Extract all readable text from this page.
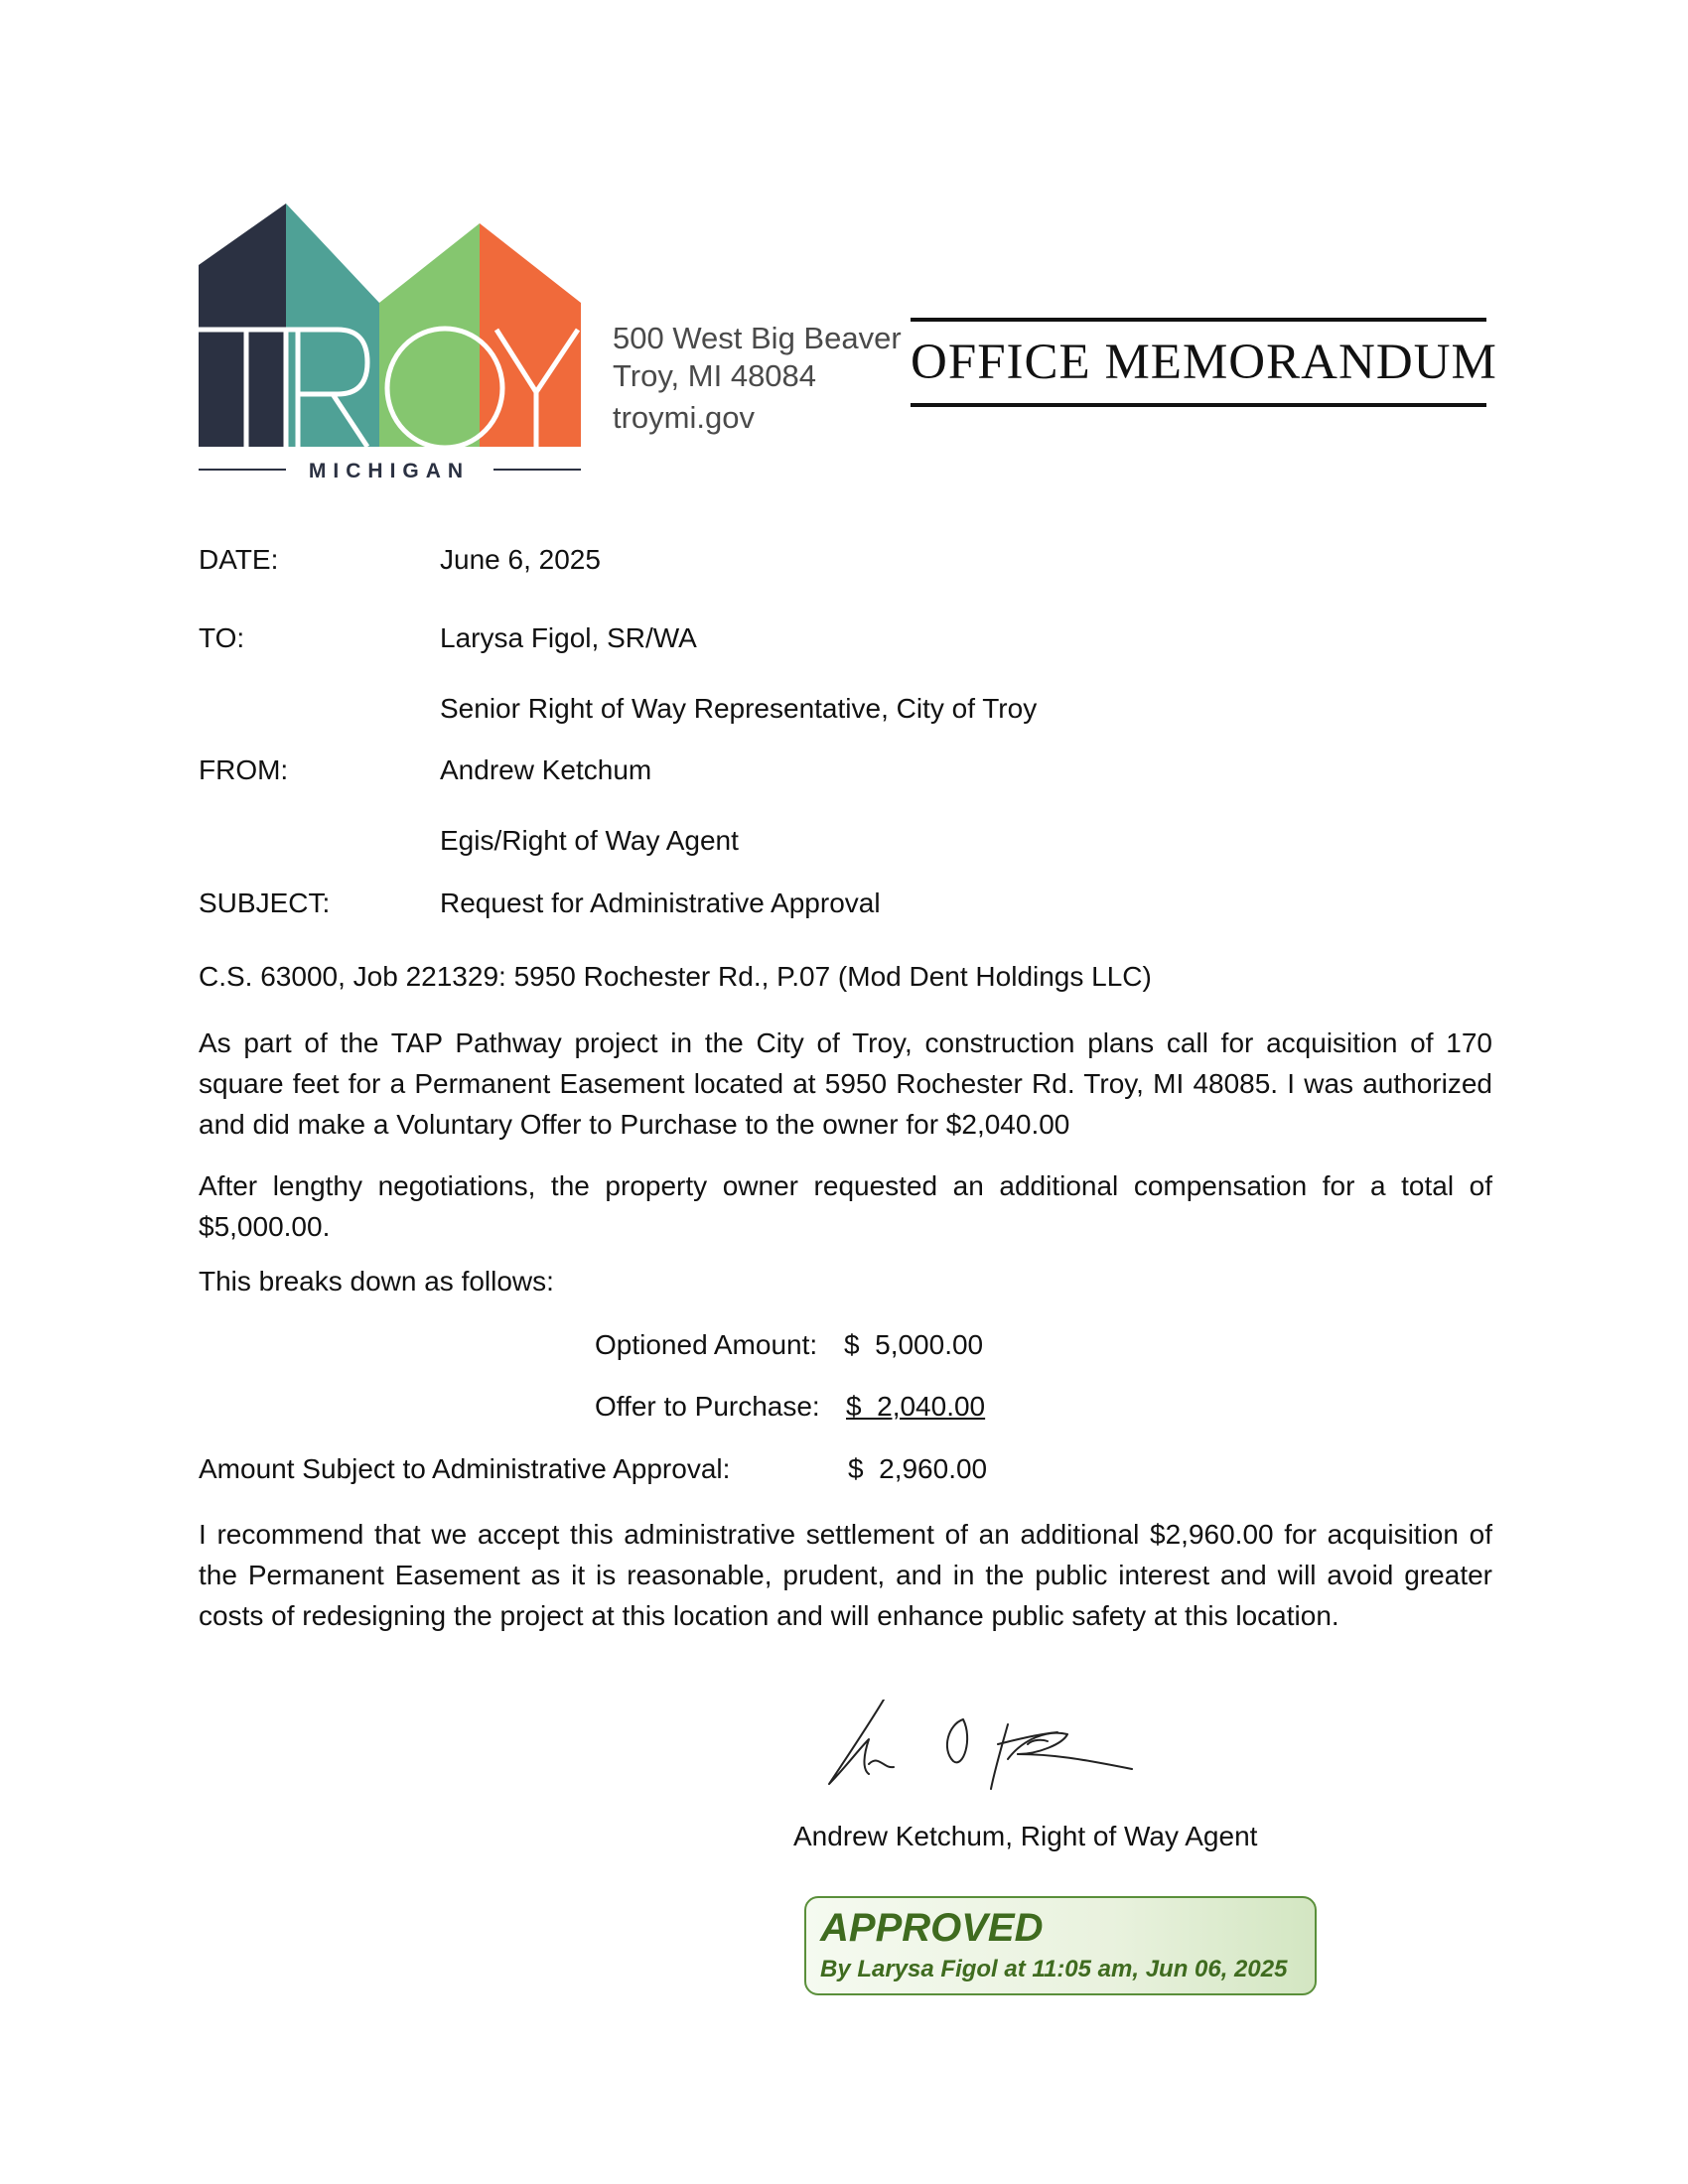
MICHIGAN
500 West Big Beaver
Troy, MI 48084
troymi.gov
OFFICE MEMORANDUM
DATE:	June 6, 2025
TO:	Larysa Figol, SR/WA
Senior Right of Way Representative, City of Troy
FROM:	Andrew Ketchum
Egis/Right of Way Agent
SUBJECT:	Request for Administrative Approval
C.S. 63000, Job 221329: 5950 Rochester Rd., P.07 (Mod Dent Holdings LLC)
As part of the TAP Pathway project in the City of Troy, construction plans call for acquisition of 170 square feet for a Permanent Easement located at 5950 Rochester Rd. Troy, MI 48085. I was authorized and did make a Voluntary Offer to Purchase to the owner for $2,040.00
After lengthy negotiations, the property owner requested an additional compensation for a total of $5,000.00.
This breaks down as follows:
Optioned Amount: $  5,000.00
Offer to Purchase: $  2,040.00
Amount Subject to Administrative Approval:	$  2,960.00
I recommend that we accept this administrative settlement of an additional $2,960.00 for acquisition of the Permanent Easement as it is reasonable, prudent, and in the public interest and will avoid greater costs of redesigning the project at this location and will enhance public safety at this location.
Andrew Ketchum, Right of Way Agent
APPROVED
By Larysa Figol at 11:05 am, Jun 06, 2025
